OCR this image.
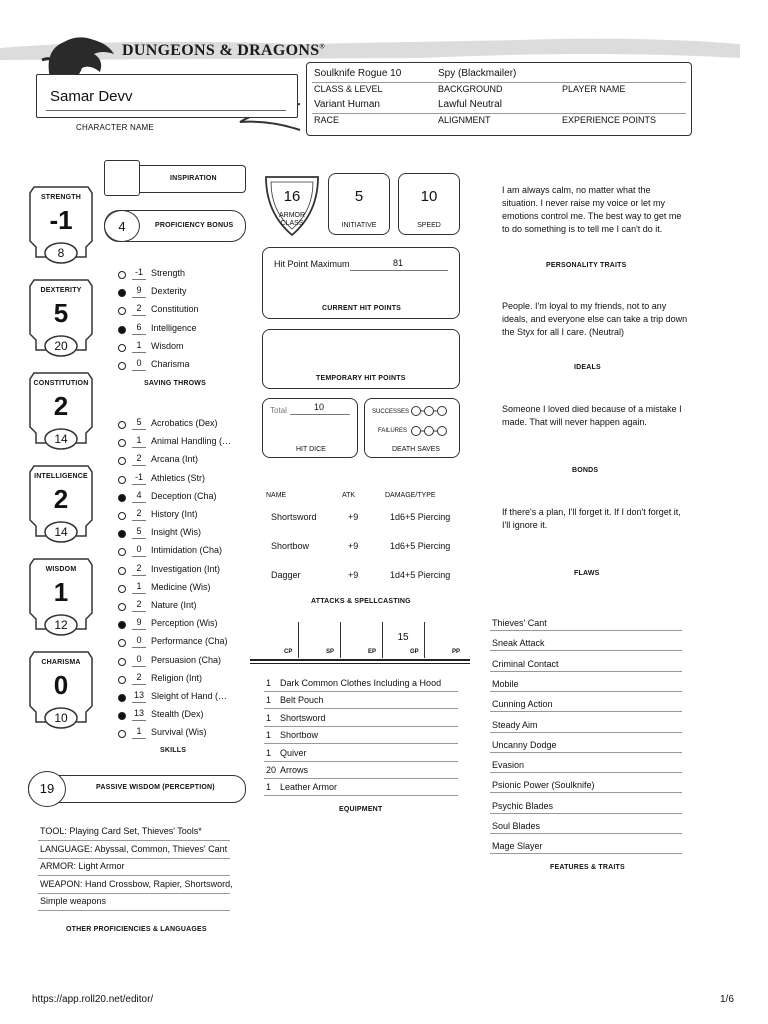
DUNGEONS & DRAGONS®
Samar Devv
CHARACTER NAME
Soulknife Rogue 10	Spy (Blackmailer)
CLASS & LEVEL	BACKGROUND	PLAYER NAME
Variant Human	Lawful Neutral
RACE	ALIGNMENT	EXPERIENCE POINTS
STRENGTH
-1
8
DEXTERITY
5
20
CONSTITUTION
2
14
INTELLIGENCE
2
14
WISDOM
1
12
CHARISMA
0
10
INSPIRATION
4	PROFICIENCY BONUS
-1 Strength
9	Dexterity
2	Constitution
6	Intelligence
1	Wisdom
0	Charisma
SAVING THROWS
5	Acrobatics (Dex)
1	Animal Handling (…
2	Arcana (Int)
-1 Athletics (Str)
4	Deception (Cha)
2	History (Int)
5	Insight (Wis)
0	Intimidation (Cha)
2	Investigation (Int)
1	Medicine (Wis)
2	Nature (Int)
9	Perception (Wis)
0	Performance (Cha)
0	Persuasion (Cha)
2	Religion (Int)
13 Sleight of Hand (…
13 Stealth (Dex)
1	Survival (Wis)
SKILLS
19	PASSIVE WISDOM (PERCEPTION)
TOOL: Playing Card Set, Thieves' Tools*
LANGUAGE: Abyssal, Common, Thieves' Cant
ARMOR: Light Armor
WEAPON: Hand Crossbow, Rapier, Shortsword,
Simple weapons
OTHER PROFICIENCIES & LANGUAGES
16
ARMOR
CLASS
5
INITIATIVE
10
SPEED
Hit Point Maximum	81
CURRENT HIT POINTS
TEMPORARY HIT POINTS
Total	10
HIT DICE
SUCCESSES
FAILURES
DEATH SAVES
NAME	ATK	DAMAGE/TYPE
Shortsword	+9	1d6+5 Piercing
Shortbow	+9	1d6+5 Piercing
Dagger	+9	1d4+5 Piercing
ATTACKS & SPELLCASTING
CP	SP	EP
15
GP	PP
1 Dark Common Clothes Including a Hood
1 Belt Pouch
1 Shortsword
1 Shortbow
1 Quiver
20 Arrows
1 Leather Armor
EQUIPMENT
I am always calm, no matter what the situation. I never raise my voice or let my emotions control me. The best way to get me to do something is to tell me I can't do it.
PERSONALITY TRAITS
People. I'm loyal to my friends, not to any ideals, and everyone else can take a trip down the Styx for all I care. (Neutral)
IDEALS
Someone I loved died because of a mistake I made. That will never happen again.
BONDS
If there's a plan, I'll forget it. If I don't forget it, I'll ignore it.
FLAWS
Thieves' Cant
Sneak Attack
Criminal Contact
Mobile
Cunning Action
Steady Aim
Uncanny Dodge
Evasion
Psionic Power (Soulknife)
Psychic Blades
Soul Blades
Mage Slayer
FEATURES & TRAITS
https://app.roll20.net/editor/	1/6
